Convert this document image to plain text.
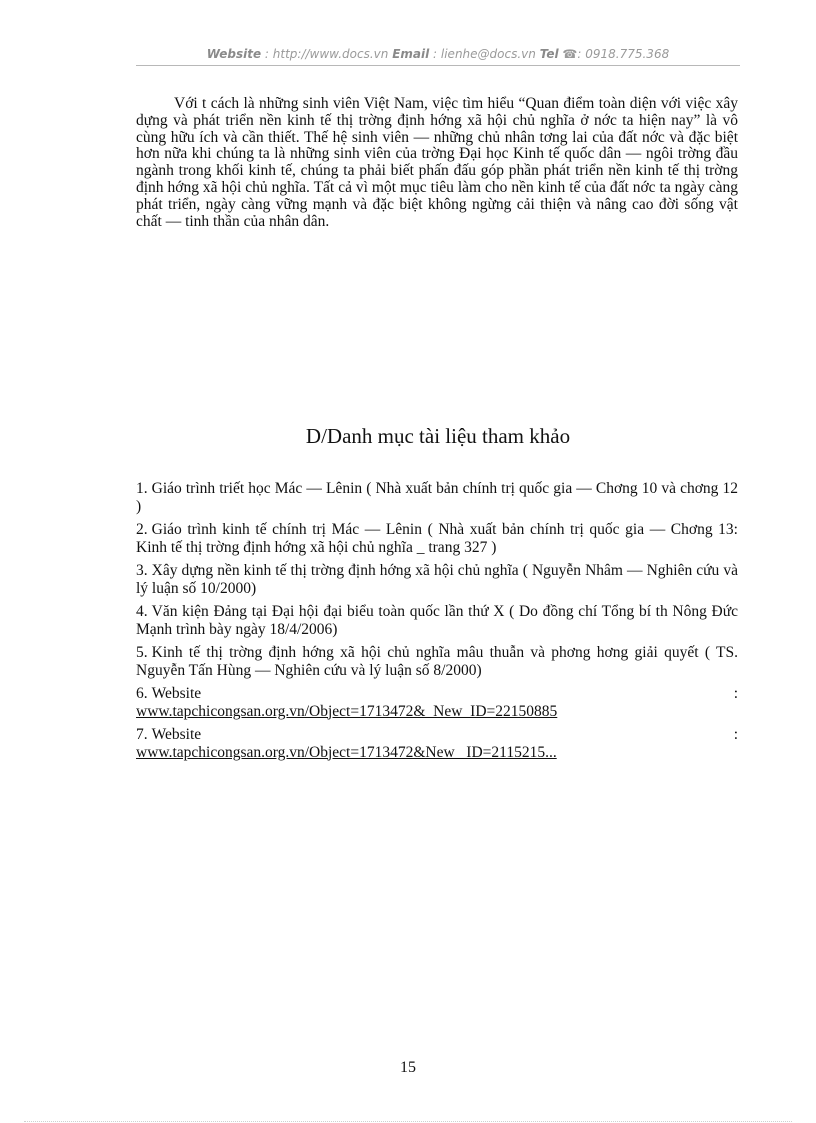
Website : http://www.docs.vn Email : lienhe@docs.vn Tel ☎: 0918.775.368

Với t cách là những sinh viên Việt Nam, việc tìm hiểu “Quan điểm toàn diện với việc xây dựng và phát triển nền kinh tế thị trờng định hớng xã hội chủ nghĩa ở nớc ta hiện nay” là vô cùng hữu ích và cần thiết. Thế hệ sinh viên — những chủ nhân tơng lai của đất nớc và đặc biệt hơn nữa khi chúng ta là những sinh viên của trờng Đại học Kinh tế quốc dân — ngôi trờng đầu ngành trong khối kinh tế, chúng ta phải biết phấn đấu góp phần phát triển nền kinh tế thị trờng định hớng xã hội chủ nghĩa. Tất cả vì một mục tiêu làm cho nền kinh tế của đất nớc ta ngày càng phát triển, ngày càng vững mạnh và đặc biệt không ngừng cải thiện và nâng cao đời sống vật chất — tinh thần của nhân dân.

D/Danh mục tài liệu tham khảo
1. Giáo trình triết học Mác — Lênin ( Nhà xuất bản chính trị quốc gia — Chơng 10 và chơng 12 )
2. Giáo trình kinh tế chính trị Mác — Lênin ( Nhà xuất bản chính trị quốc gia — Chơng 13: Kinh tế thị trờng định hớng xã hội chủ nghĩa _ trang 327 )
3. Xây dựng nền kinh tế thị trờng định hớng xã hội chủ nghĩa ( Nguyễn Nhâm — Nghiên cứu và lý luận số 10/2000)
4. Văn kiện Đảng tại Đại hội đại biểu toàn quốc lần thứ X ( Do đồng chí Tổng bí th Nông Đức Mạnh trình bày ngày 18/4/2006)
5. Kinh tế thị trờng định hớng xã hội chủ nghĩa mâu thuẫn và phơng hơng giải quyết ( TS. Nguyễn Tấn Hùng — Nghiên cứu và lý luận số 8/2000)
6. Website	:
www.tapchicongsan.org.vn/Object=1713472&_New_ID=22150885
7. Website	:
www.tapchicongsan.org.vn/Object=1713472&New _ID=2115215...
15
